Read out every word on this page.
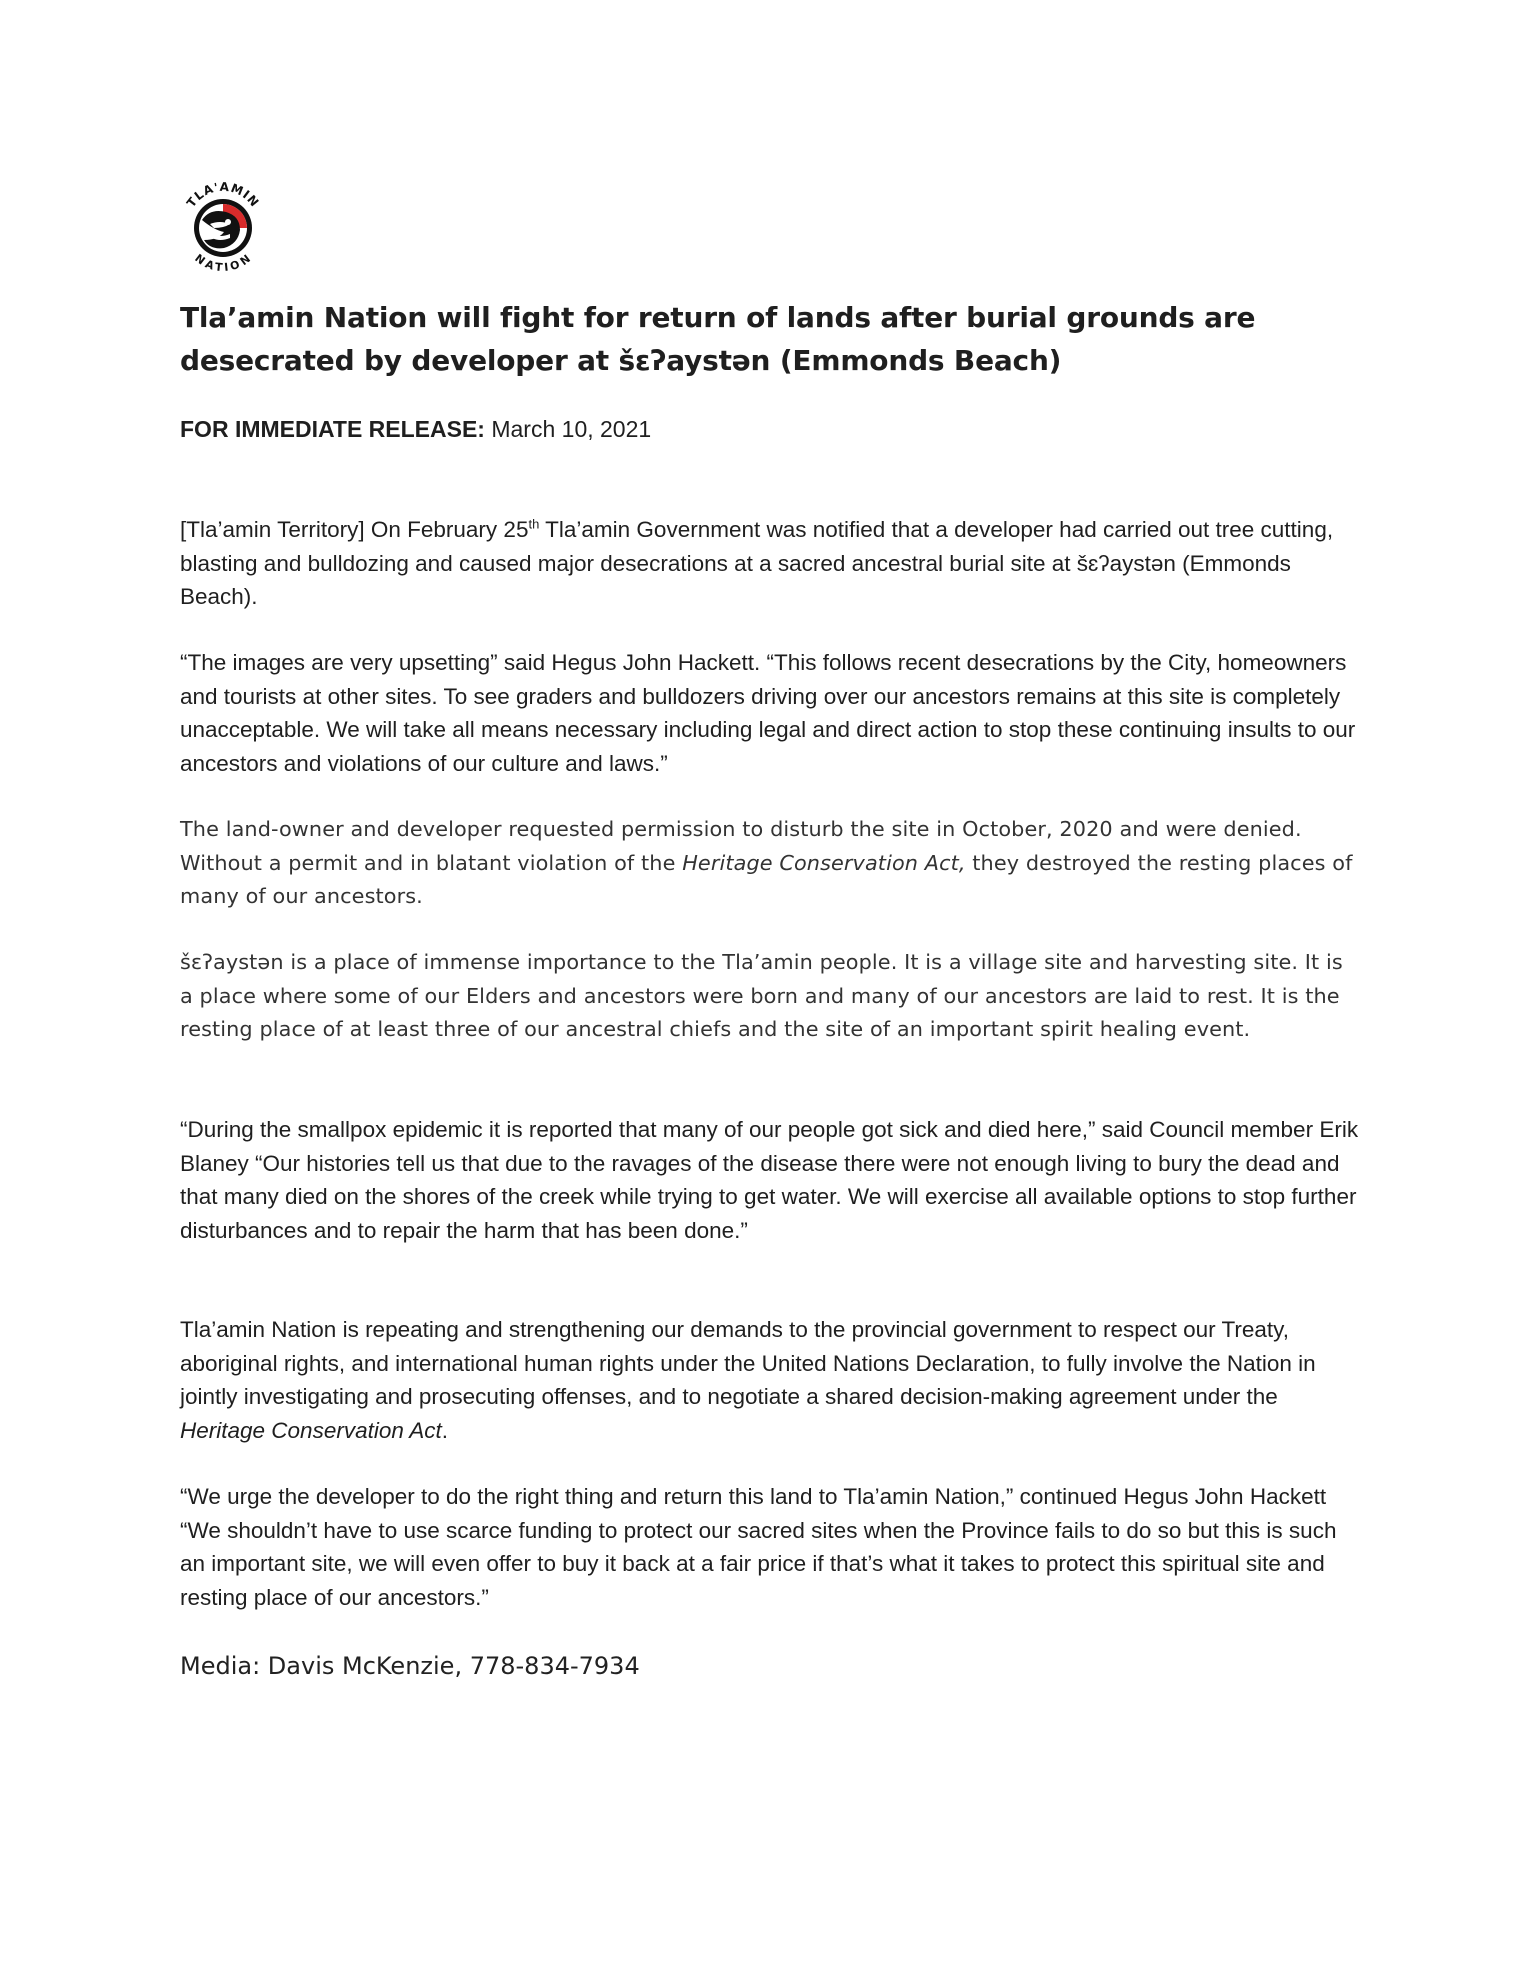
TLA'AMIN
NATION
Tla’amin Nation will fight for return of lands after burial grounds are desecrated by developer at šɛʔaystən (Emmonds Beach)
FOR IMMEDIATE RELEASE: March 10, 2021

[Tla’amin Territory] On February 25th Tla’amin Government was notified that a developer had carried out tree cutting, blasting and bulldozing and caused major desecrations at a sacred ancestral burial site at šɛʔaystən (Emmonds Beach).

“The images are very upsetting” said Hegus John Hackett. “This follows recent desecrations by the City, homeowners and tourists at other sites. To see graders and bulldozers driving over our ancestors remains at this site is completely unacceptable. We will take all means necessary including legal and direct action to stop these continuing insults to our ancestors and violations of our culture and laws.”

The land-owner and developer requested permission to disturb the site in October, 2020 and were denied. Without a permit and in blatant violation of the Heritage Conservation Act, they destroyed the resting places of many of our ancestors.

šɛʔaystən is a place of immense importance to the Tla’amin people. It is a village site and harvesting site. It is a place where some of our Elders and ancestors were born and many of our ancestors are laid to rest. It is the resting place of at least three of our ancestral chiefs and the site of an important spirit healing event.

“During the smallpox epidemic it is reported that many of our people got sick and died here,” said Council member Erik Blaney “Our histories tell us that due to the ravages of the disease there were not enough living to bury the dead and that many died on the shores of the creek while trying to get water. We will exercise all available options to stop further disturbances and to repair the harm that has been done.”

Tla’amin Nation is repeating and strengthening our demands to the provincial government to respect our Treaty, aboriginal rights, and international human rights under the United Nations Declaration, to fully involve the Nation in jointly investigating and prosecuting offenses, and to negotiate a shared decision-making agreement under the Heritage Conservation Act.

“We urge the developer to do the right thing and return this land to Tla’amin Nation,” continued Hegus John Hackett “We shouldn’t have to use scarce funding to protect our sacred sites when the Province fails to do so but this is such an important site, we will even offer to buy it back at a fair price if that’s what it takes to protect this spiritual site and resting place of our ancestors.”

Media: Davis McKenzie, 778-834-7934
